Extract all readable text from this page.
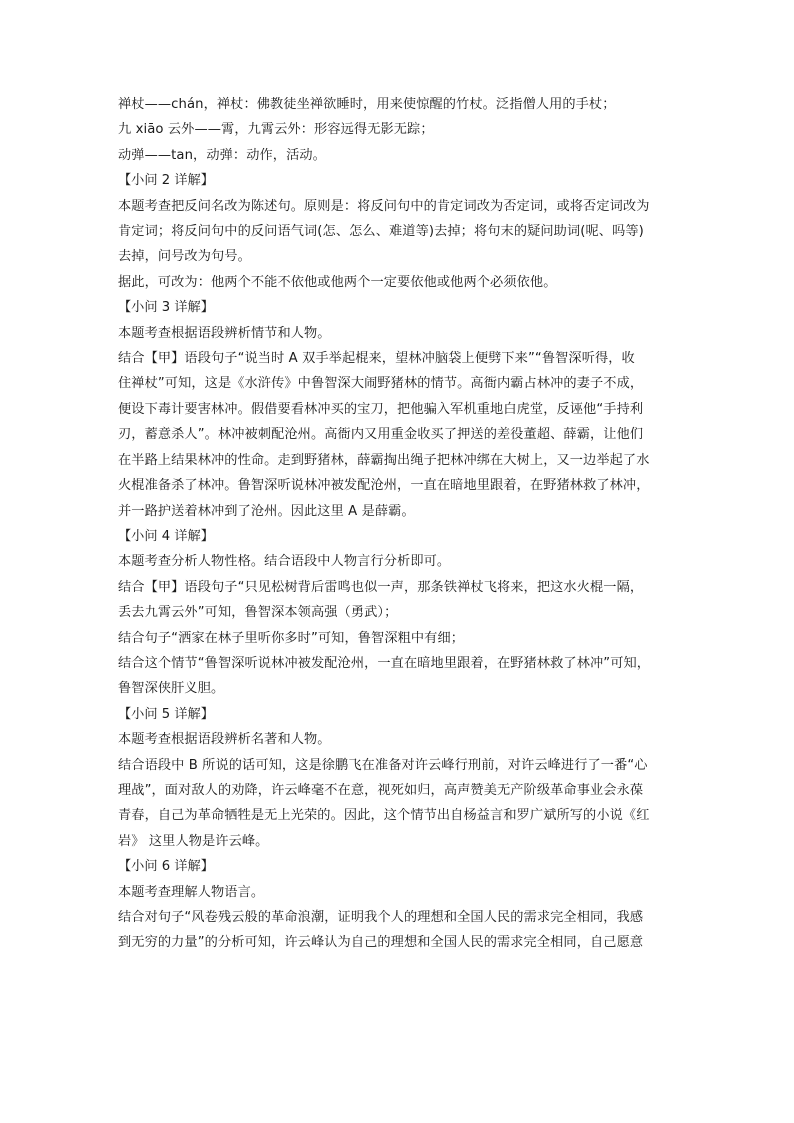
禅杖——chán，禅杖：佛教徒坐禅欲睡时，用来使惊醒的竹杖。泛指僧人用的手杖；
九 xiāo 云外——霄，九霄云外：形容远得无影无踪；
动弹——tan，动弹：动作，活动。
【小问 2 详解】
本题考查把反问名改为陈述句。原则是：将反问句中的肯定词改为否定词，或将否定词改为
肯定词；将反问句中的反问语气词(怎、怎么、难道等)去掉；将句末的疑问助词(呢、吗等)
去掉，问号改为句号。
据此，可改为：他两个不能不依他或他两个一定要依他或他两个必须依他。
【小问 3 详解】
本题考查根据语段辨析情节和人物。
结合【甲】语段句子“说当时 A 双手举起棍来，望林冲脑袋上便劈下来”“鲁智深听得，收
住禅杖”可知，这是《水浒传》中鲁智深大闹野猪林的情节。高衙内霸占林冲的妻子不成，
便设下毒计要害林冲。假借要看林冲买的宝刀，把他骗入军机重地白虎堂，反诬他“手持利
刃，蓄意杀人”。林冲被刺配沧州。高衙内又用重金收买了押送的差役董超、薛霸，让他们
在半路上结果林冲的性命。走到野猪林，薛霸掏出绳子把林冲绑在大树上，又一边举起了水
火棍准备杀了林冲。鲁智深听说林冲被发配沧州，一直在暗地里跟着，在野猪林救了林冲，
并一路护送着林冲到了沧州。因此这里 A 是薛霸。
【小问 4 详解】
本题考查分析人物性格。结合语段中人物言行分析即可。
结合【甲】语段句子“只见松树背后雷鸣也似一声，那条铁禅杖飞将来，把这水火棍一隔，
丢去九霄云外”可知，鲁智深本领高强（勇武）；
结合句子“洒家在林子里听你多时”可知，鲁智深粗中有细；
结合这个情节“鲁智深听说林冲被发配沧州，一直在暗地里跟着，在野猪林救了林冲”可知，
鲁智深侠肝义胆。
【小问 5 详解】
本题考查根据语段辨析名著和人物。
结合语段中 B 所说的话可知，这是徐鹏飞在准备对许云峰行刑前，对许云峰进行了一番“心
理战”，面对敌人的劝降，许云峰毫不在意，视死如归，高声赞美无产阶级革命事业会永葆
青春，自己为革命牺牲是无上光荣的。因此，这个情节出自杨益言和罗广斌所写的小说《红
岩》 这里人物是许云峰。
【小问 6 详解】
本题考查理解人物语言。
结合对句子“风卷残云般的革命浪潮，证明我个人的理想和全国人民的需求完全相同，我感
到无穷的力量”的分析可知，许云峰认为自己的理想和全国人民的需求完全相同，自己愿意
